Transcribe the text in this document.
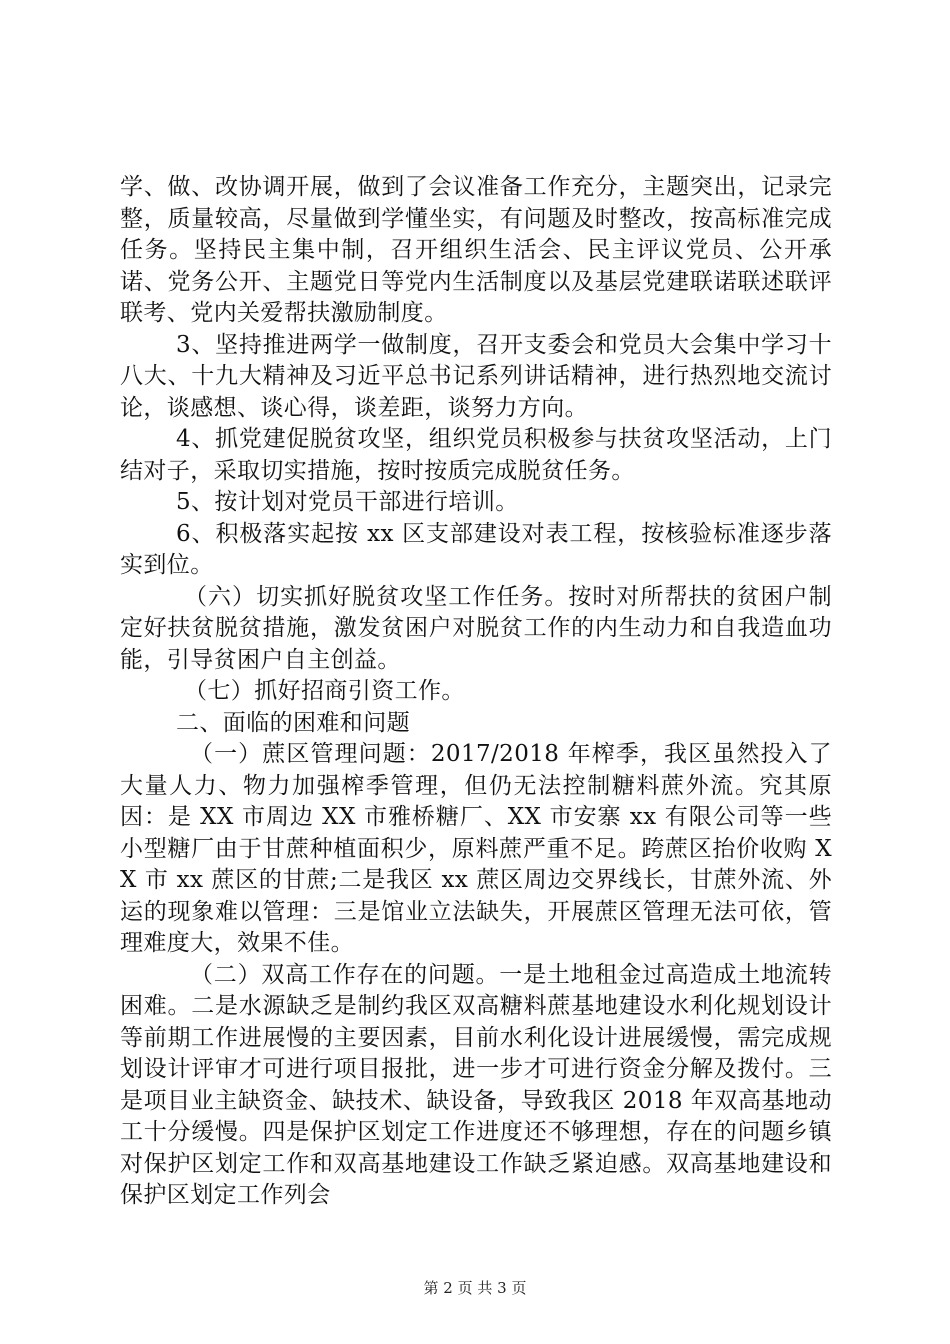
学、做、改协调开展，做到了会议准备工作充分，主题突出，记录完整，质量较高，尽量做到学懂坐实，有问题及时整改，按高标准完成任务。坚持民主集中制，召开组织生活会、民主评议党员、公开承诺、党务公开、主题党日等党内生活制度以及基层党建联诺联述联评联考、党内关爱帮扶激励制度。

3、坚持推进两学一做制度，召开支委会和党员大会集中学习十八大、十九大精神及习近平总书记系列讲话精神，进行热烈地交流讨论，谈感想、谈心得，谈差距，谈努力方向。

4、抓党建促脱贫攻坚，组织党员积极参与扶贫攻坚活动，上门结对子，采取切实措施，按时按质完成脱贫任务。

5、按计划对党员干部进行培训。

6、积极落实起按 xx 区支部建设对表工程，按核验标准逐步落实到位。

（六）切实抓好脱贫攻坚工作任务。按时对所帮扶的贫困户制定好扶贫脱贫措施，激发贫困户对脱贫工作的内生动力和自我造血功能，引导贫困户自主创益。

（七）抓好招商引资工作。

二、面临的困难和问题

（一）蔗区管理问题：2017/2018 年榨季，我区虽然投入了大量人力、物力加强榨季管理，但仍无法控制糖料蔗外流。究其原因：是 XX 市周边 XX 市雅桥糖厂、XX 市安寨 xx 有限公司等一些小型糖厂由于甘蔗种植面积少，原料蔗严重不足。跨蔗区抬价收购 XX 市 xx 蔗区的甘蔗;二是我区 xx 蔗区周边交界线长，甘蔗外流、外运的现象难以管理：三是馆业立法缺失，开展蔗区管理无法可依，管理难度大，效果不佳。

（二）双高工作存在的问题。一是土地租金过高造成土地流转困难。二是水源缺乏是制约我区双高糖料蔗基地建设水利化规划设计等前期工作进展慢的主要因素，目前水利化设计进展缓慢，需完成规划设计评审才可进行项目报批，进一步才可进行资金分解及拨付。三是项目业主缺资金、缺技术、缺设备，导致我区 2018 年双高基地动工十分缓慢。四是保护区划定工作进度还不够理想，存在的问题乡镇对保护区划定工作和双高基地建设工作缺乏紧迫感。双高基地建设和保护区划定工作列会

第 2 页 共 3 页
